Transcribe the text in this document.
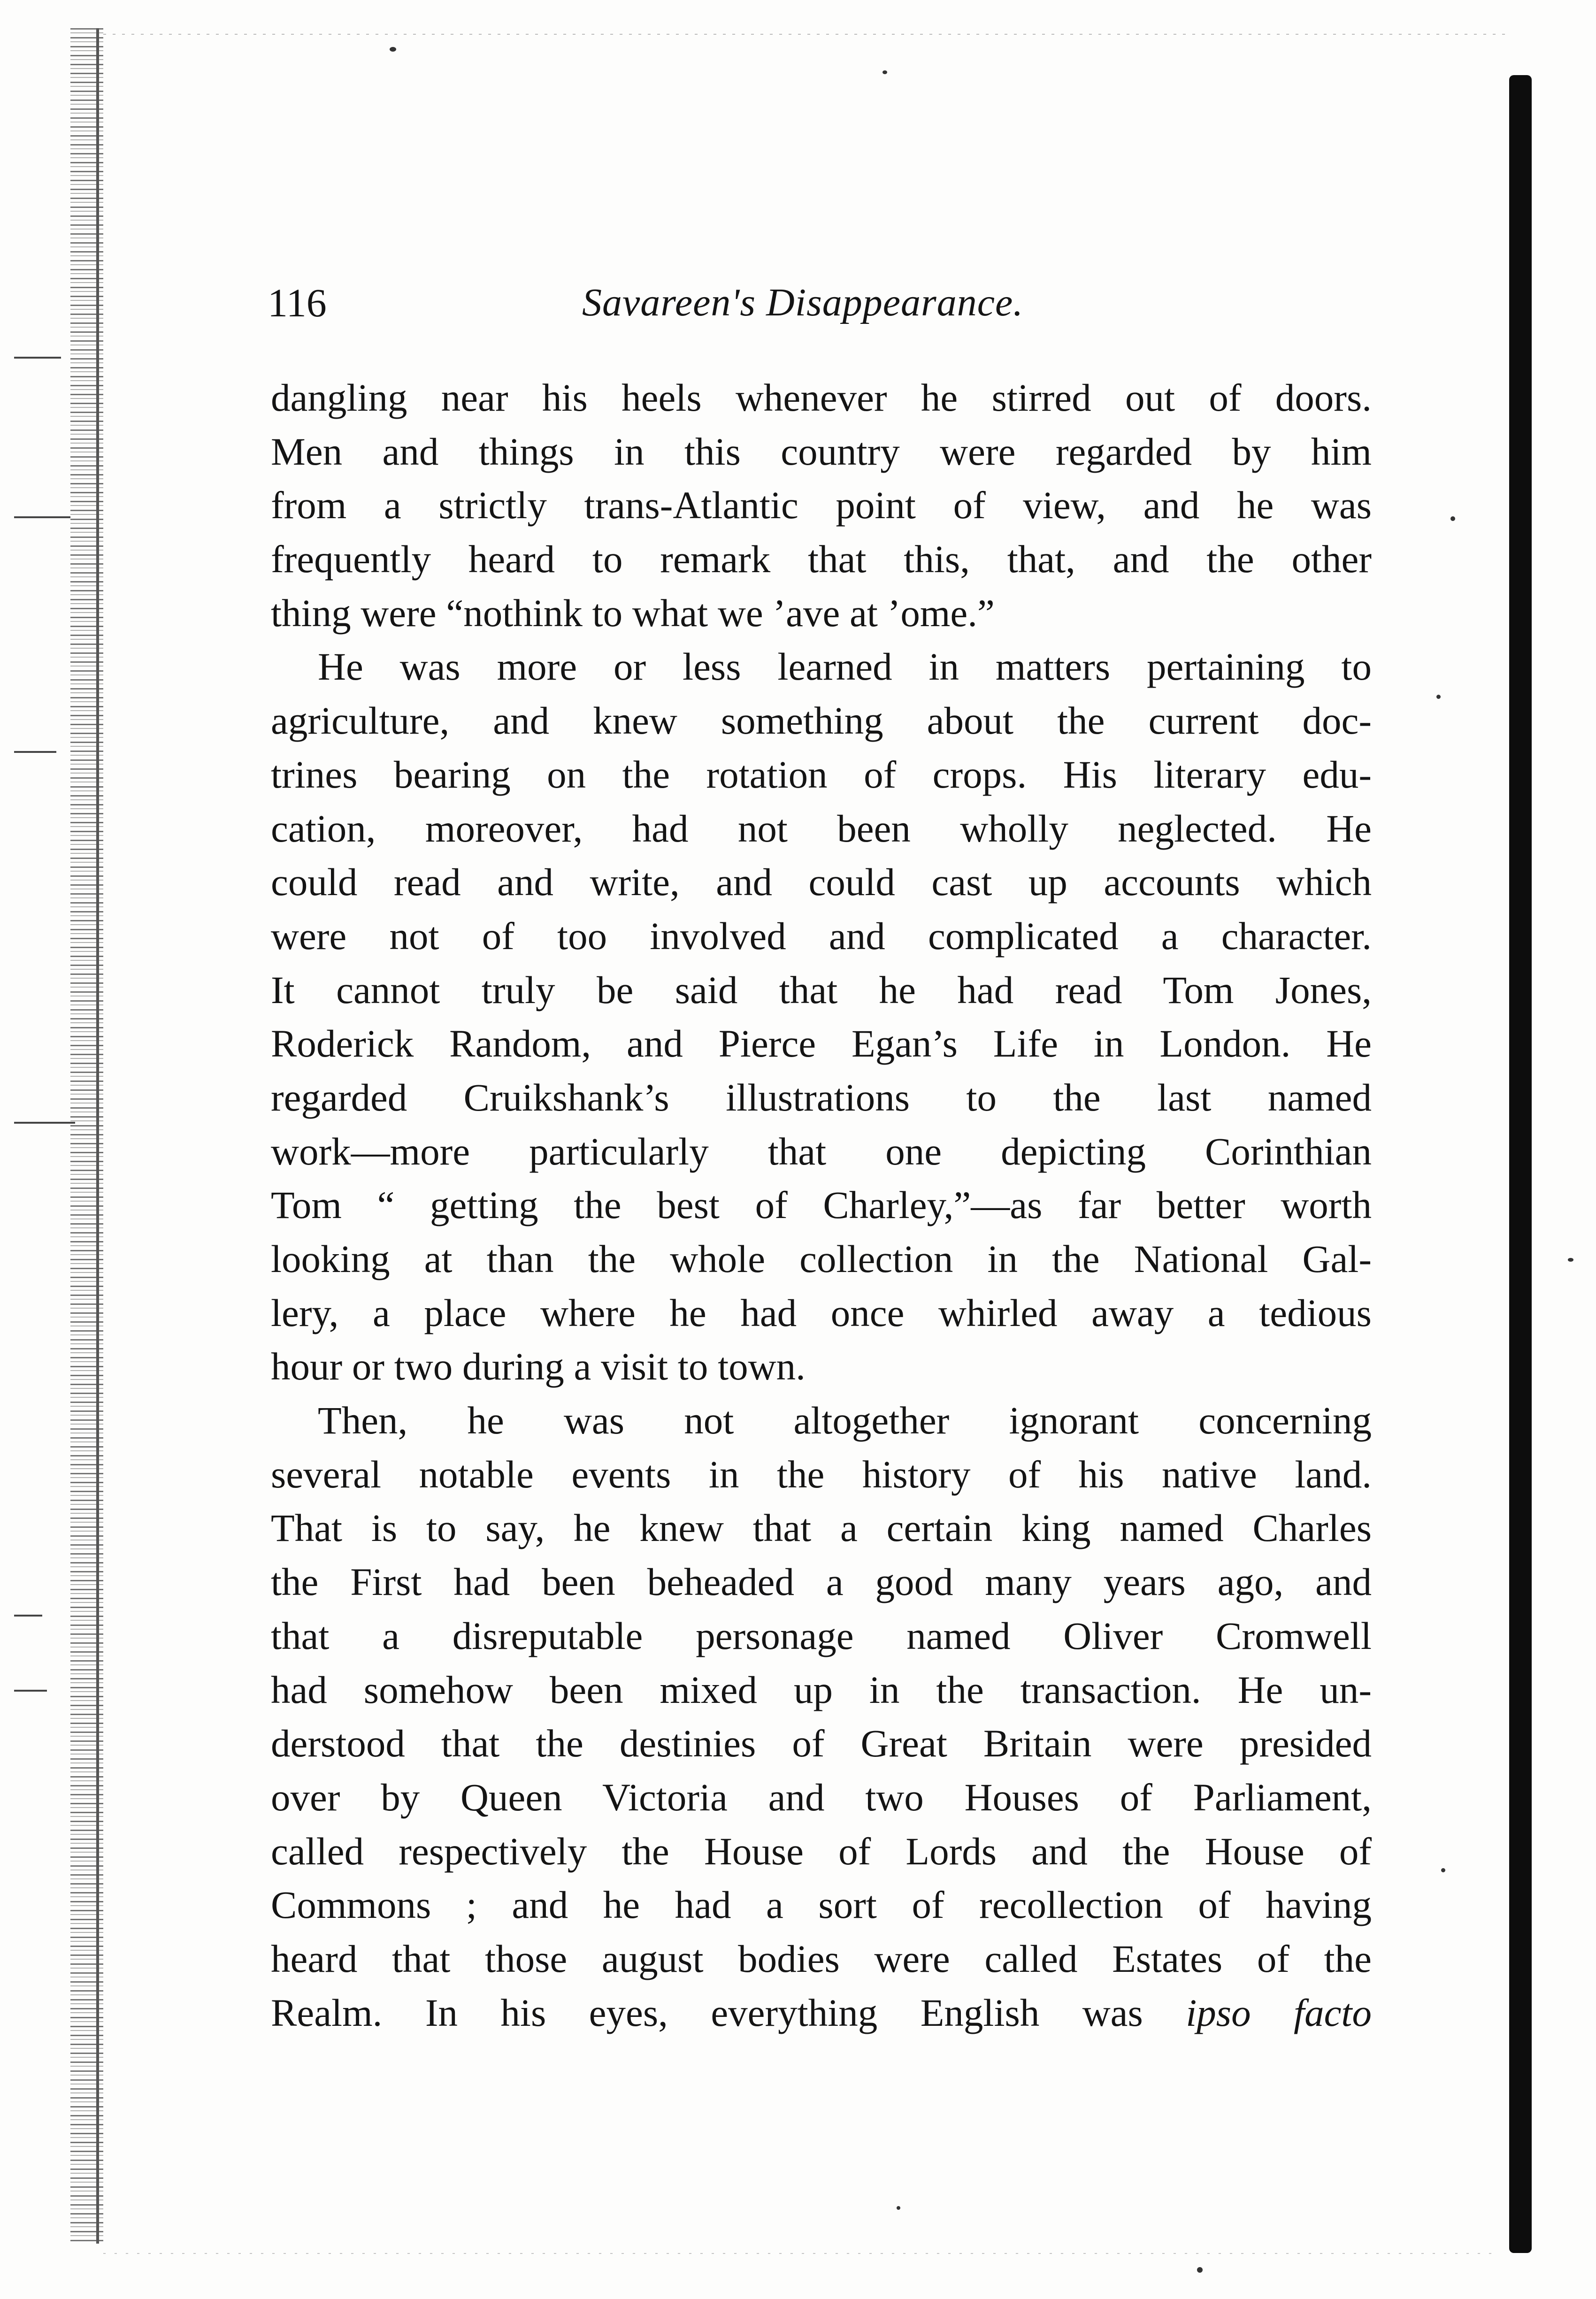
116	Savareen's Disappearance.
dangling near his heels whenever he stirred out of doors.
Men and things in this country were regarded by him
from a strictly trans-Atlantic point of view, and he was
frequently heard to remark that this, that, and the other
thing were “nothink to what we ’ave at ’ome.”
He was more or less learned in matters pertaining to
agriculture, and knew something about the current doc-
trines bearing on the rotation of crops. His literary edu-
cation, moreover, had not been wholly neglected. He
could read and write, and could cast up accounts which
were not of too involved and complicated a character.
It cannot truly be said that he had read Tom Jones,
Roderick Random, and Pierce Egan’s Life in London. He
regarded Cruikshank’s illustrations to the last named
work—more particularly that one depicting Corinthian
Tom “ getting the best of Charley,”—as far better worth
looking at than the whole collection in the National Gal-
lery, a place where he had once whirled away a tedious
hour or two during a visit to town.
Then, he was not altogether ignorant concerning
several notable events in the history of his native land.
That is to say, he knew that a certain king named Charles
the First had been beheaded a good many years ago, and
that a disreputable personage named Oliver Cromwell
had somehow been mixed up in the transaction. He un-
derstood that the destinies of Great Britain were presided
over by Queen Victoria and two Houses of Parliament,
called respectively the House of Lords and the House of
Commons ; and he had a sort of recollection of having
heard that those august bodies were called Estates of the
Realm. In his eyes, everything English was ipso facto
